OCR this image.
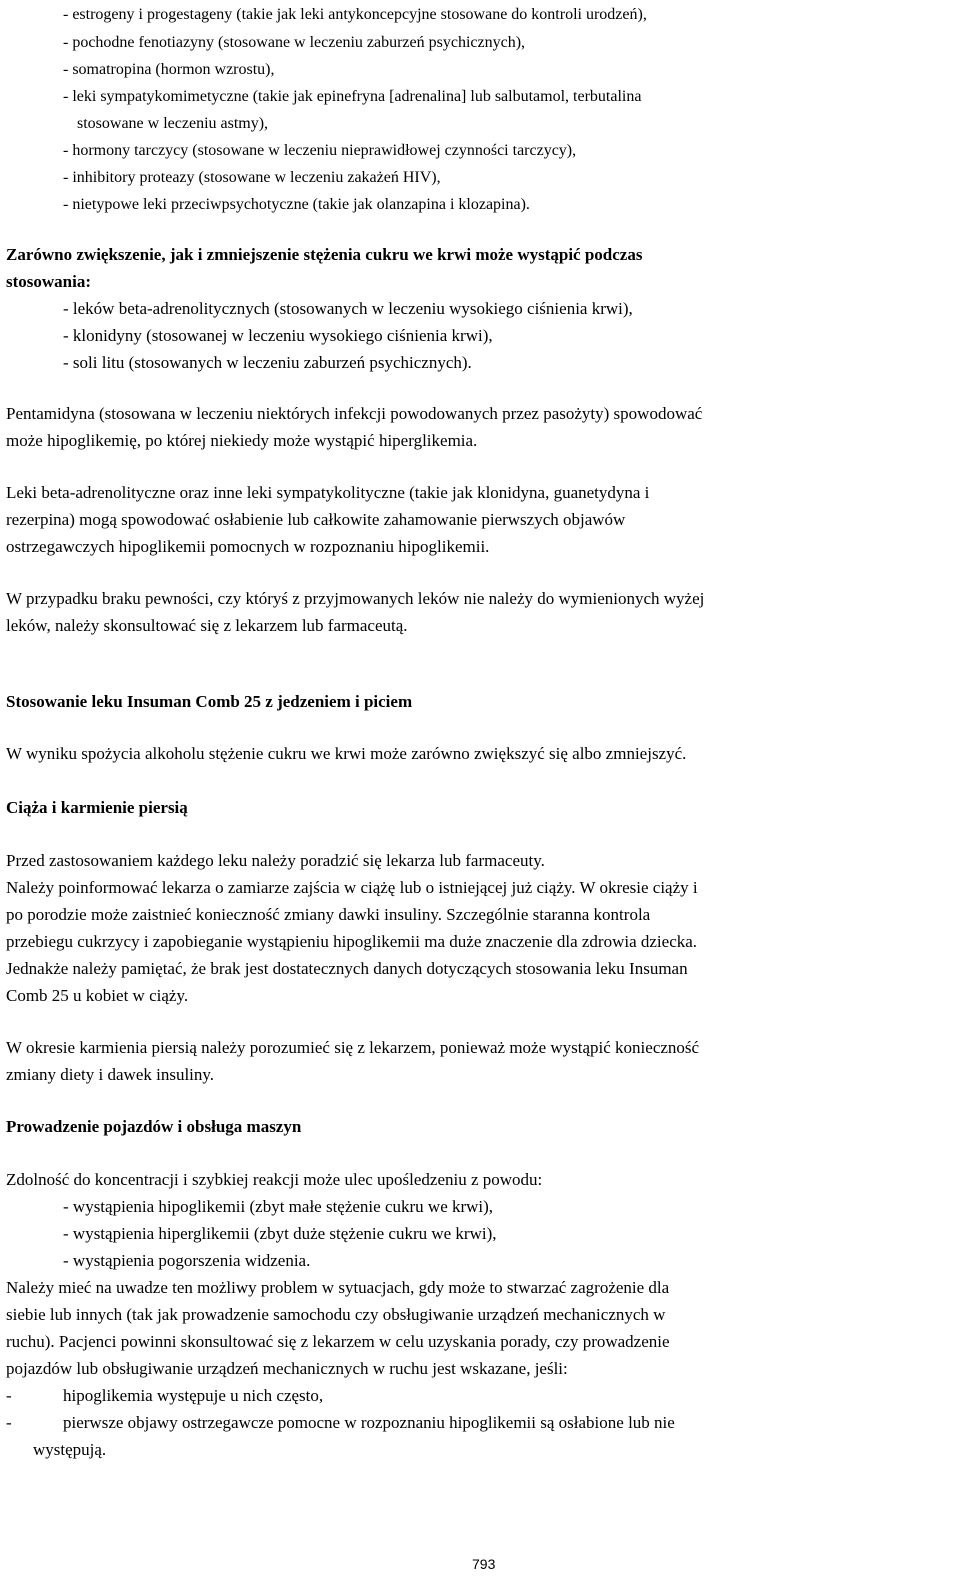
- estrogeny i progestageny (takie jak leki antykoncepcyjne stosowane do kontroli urodzeń),
- pochodne fenotiazyny (stosowane w leczeniu zaburzeń psychicznych),
- somatropina (hormon wzrostu),
- leki sympatykomimetyczne (takie jak epinefryna [adrenalina] lub salbutamol, terbutalina
stosowane w leczeniu astmy),
- hormony tarczycy (stosowane w leczeniu nieprawidłowej czynności tarczycy),
- inhibitory proteazy (stosowane w leczeniu zakażeń HIV),
- nietypowe leki przeciwpsychotyczne (takie jak olanzapina i klozapina).
Zarówno zwiększenie, jak i zmniejszenie stężenia cukru we krwi może wystąpić podczas
stosowania:
- leków beta-adrenolitycznych (stosowanych w leczeniu wysokiego ciśnienia krwi),
- klonidyny (stosowanej w leczeniu wysokiego ciśnienia krwi),
- soli litu (stosowanych w leczeniu zaburzeń psychicznych).
Pentamidyna (stosowana w leczeniu niektórych infekcji powodowanych przez pasożyty) spowodować
może hipoglikemię, po której niekiedy może wystąpić hiperglikemia.
Leki beta-adrenolityczne oraz inne leki sympatykolityczne (takie jak klonidyna, guanetydyna i
rezerpina) mogą spowodować osłabienie lub całkowite zahamowanie pierwszych objawów
ostrzegawczych hipoglikemii pomocnych w rozpoznaniu hipoglikemii.
W przypadku braku pewności, czy któryś z przyjmowanych leków nie należy do wymienionych wyżej
leków, należy skonsultować się z lekarzem lub farmaceutą.
Stosowanie leku Insuman Comb 25 z jedzeniem i piciem
W wyniku spożycia alkoholu stężenie cukru we krwi może zarówno zwiększyć się albo zmniejszyć.
Ciąża i karmienie piersią
Przed zastosowaniem każdego leku należy poradzić się lekarza lub farmaceuty.
Należy poinformować lekarza o zamiarze zajścia w ciążę lub o istniejącej już ciąży. W okresie ciąży i
po porodzie może zaistnieć konieczność zmiany dawki insuliny. Szczególnie staranna kontrola
przebiegu cukrzycy i zapobieganie wystąpieniu hipoglikemii ma duże znaczenie dla zdrowia dziecka.
Jednakże należy pamiętać, że brak jest dostatecznych danych dotyczących stosowania leku Insuman
Comb 25 u kobiet w ciąży.
W okresie karmienia piersią należy porozumieć się z lekarzem, ponieważ może wystąpić konieczność
zmiany diety i dawek insuliny.
Prowadzenie pojazdów i obsługa maszyn
Zdolność do koncentracji i szybkiej reakcji może ulec upośledzeniu z powodu:
- wystąpienia hipoglikemii (zbyt małe stężenie cukru we krwi),
- wystąpienia hiperglikemii (zbyt duże stężenie cukru we krwi),
- wystąpienia pogorszenia widzenia.
Należy mieć na uwadze ten możliwy problem w sytuacjach, gdy może to stwarzać zagrożenie dla
siebie lub innych (tak jak prowadzenie samochodu czy obsługiwanie urządzeń mechanicznych w
ruchu). Pacjenci powinni skonsultować się z lekarzem w celu uzyskania porady, czy prowadzenie
pojazdów lub obsługiwanie urządzeń mechanicznych w ruchu jest wskazane, jeśli:
-	hipoglikemia występuje u nich często,
-	pierwsze objawy ostrzegawcze pomocne w rozpoznaniu hipoglikemii są osłabione lub nie
występują.
793
